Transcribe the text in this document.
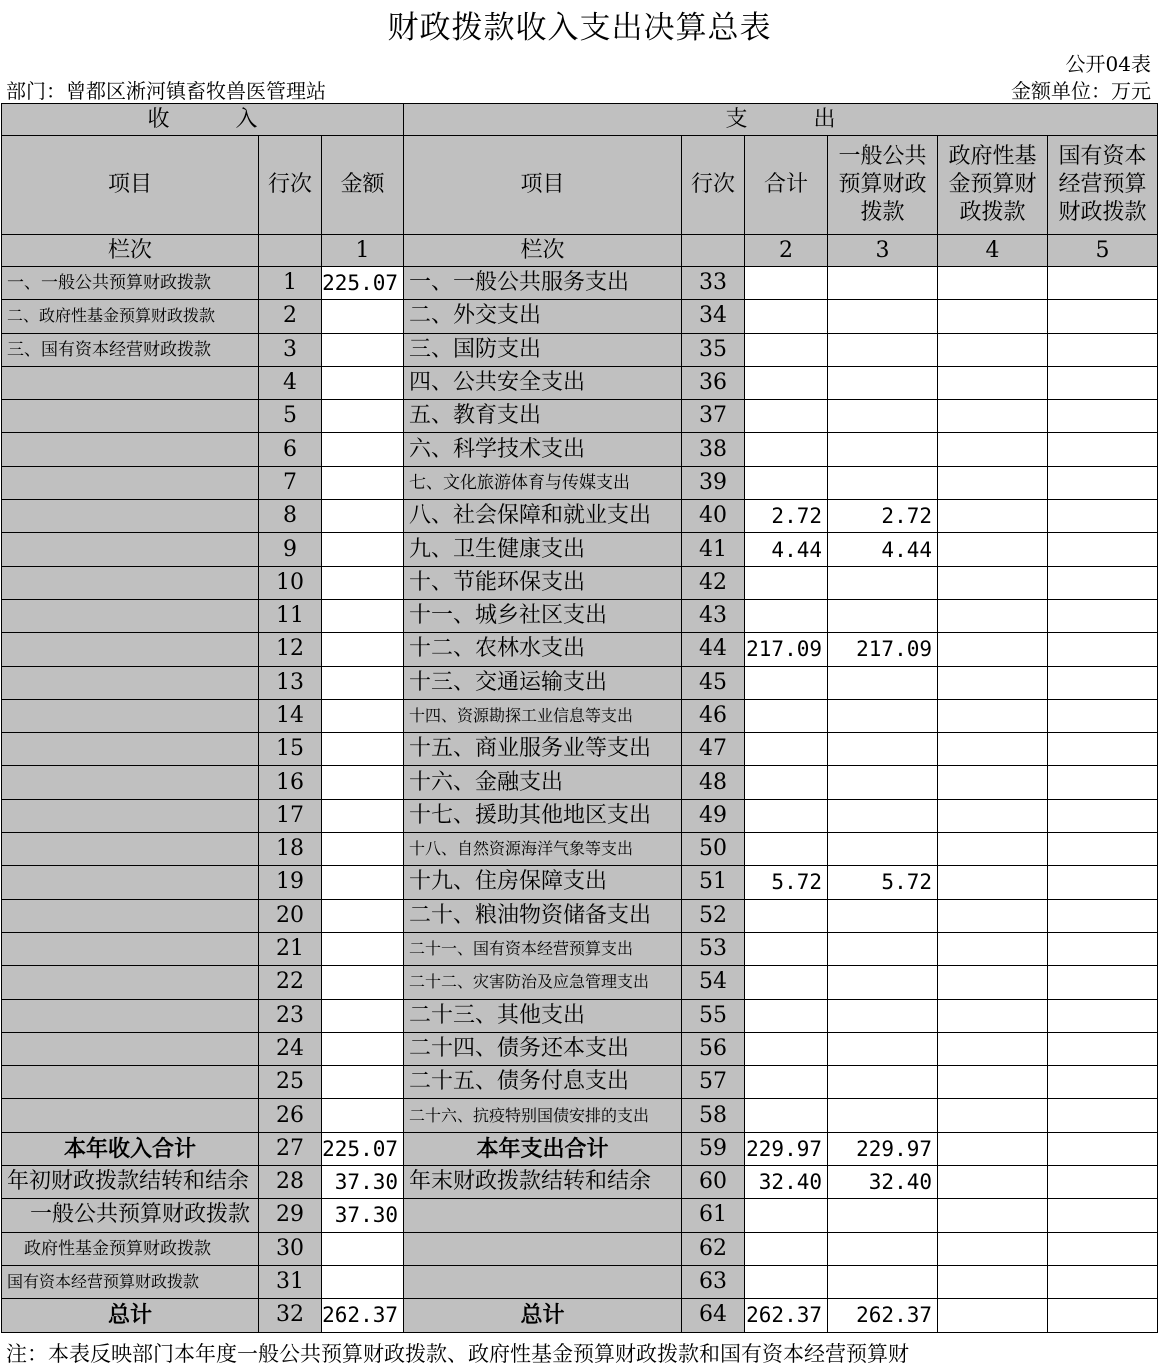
财政拨款收入支出决算总表
公开04表
部门：曾都区淅河镇畜牧兽医管理站	金额单位：万元
收　　　入			支　　　出					
项目	行次	金额	项目	行次	合计	一般公共预算财政拨款	政府性基金预算财政拨款	国有资本经营预算财政拨款
栏次		1	栏次		2	3	4	5
一、一般公共预算财政拨款	1	225.07	一、一般公共服务支出	33				
二、政府性基金预算财政拨款	2		二、外交支出	34				
三、国有资本经营财政拨款	3		三、国防支出	35				
	4		四、公共安全支出	36				
	5		五、教育支出	37				
	6		六、科学技术支出	38				
	7		七、文化旅游体育与传媒支出	39				
	8		八、社会保障和就业支出	40	2.72	2.72		
	9		九、卫生健康支出	41	4.44	4.44		
	10		十、节能环保支出	42				
	11		十一、城乡社区支出	43				
	12		十二、农林水支出	44	217.09	217.09		
	13		十三、交通运输支出	45				
	14		十四、资源勘探工业信息等支出	46				
	15		十五、商业服务业等支出	47				
	16		十六、金融支出	48				
	17		十七、援助其他地区支出	49				
	18		十八、自然资源海洋气象等支出	50				
	19		十九、住房保障支出	51	5.72	5.72		
	20		二十、粮油物资储备支出	52				
	21		二十一、国有资本经营预算支出	53				
	22		二十二、灾害防治及应急管理支出	54				
	23		二十三、其他支出	55				
	24		二十四、债务还本支出	56				
	25		二十五、债务付息支出	57				
	26		二十六、抗疫特别国债安排的支出	58				
本年收入合计	27	225.07	本年支出合计	59	229.97	229.97		
年初财政拨款结转和结余	28	37.30	年末财政拨款结转和结余	60	32.40	32.40		
一般公共预算财政拨款	29	37.30		61				
政府性基金预算财政拨款	30			62				
国有资本经营预算财政拨款	31			63				
总计	32	262.37	总计	64	262.37	262.37		
注：本表反映部门本年度一般公共预算财政拨款、政府性基金预算财政拨款和国有资本经营预算财
